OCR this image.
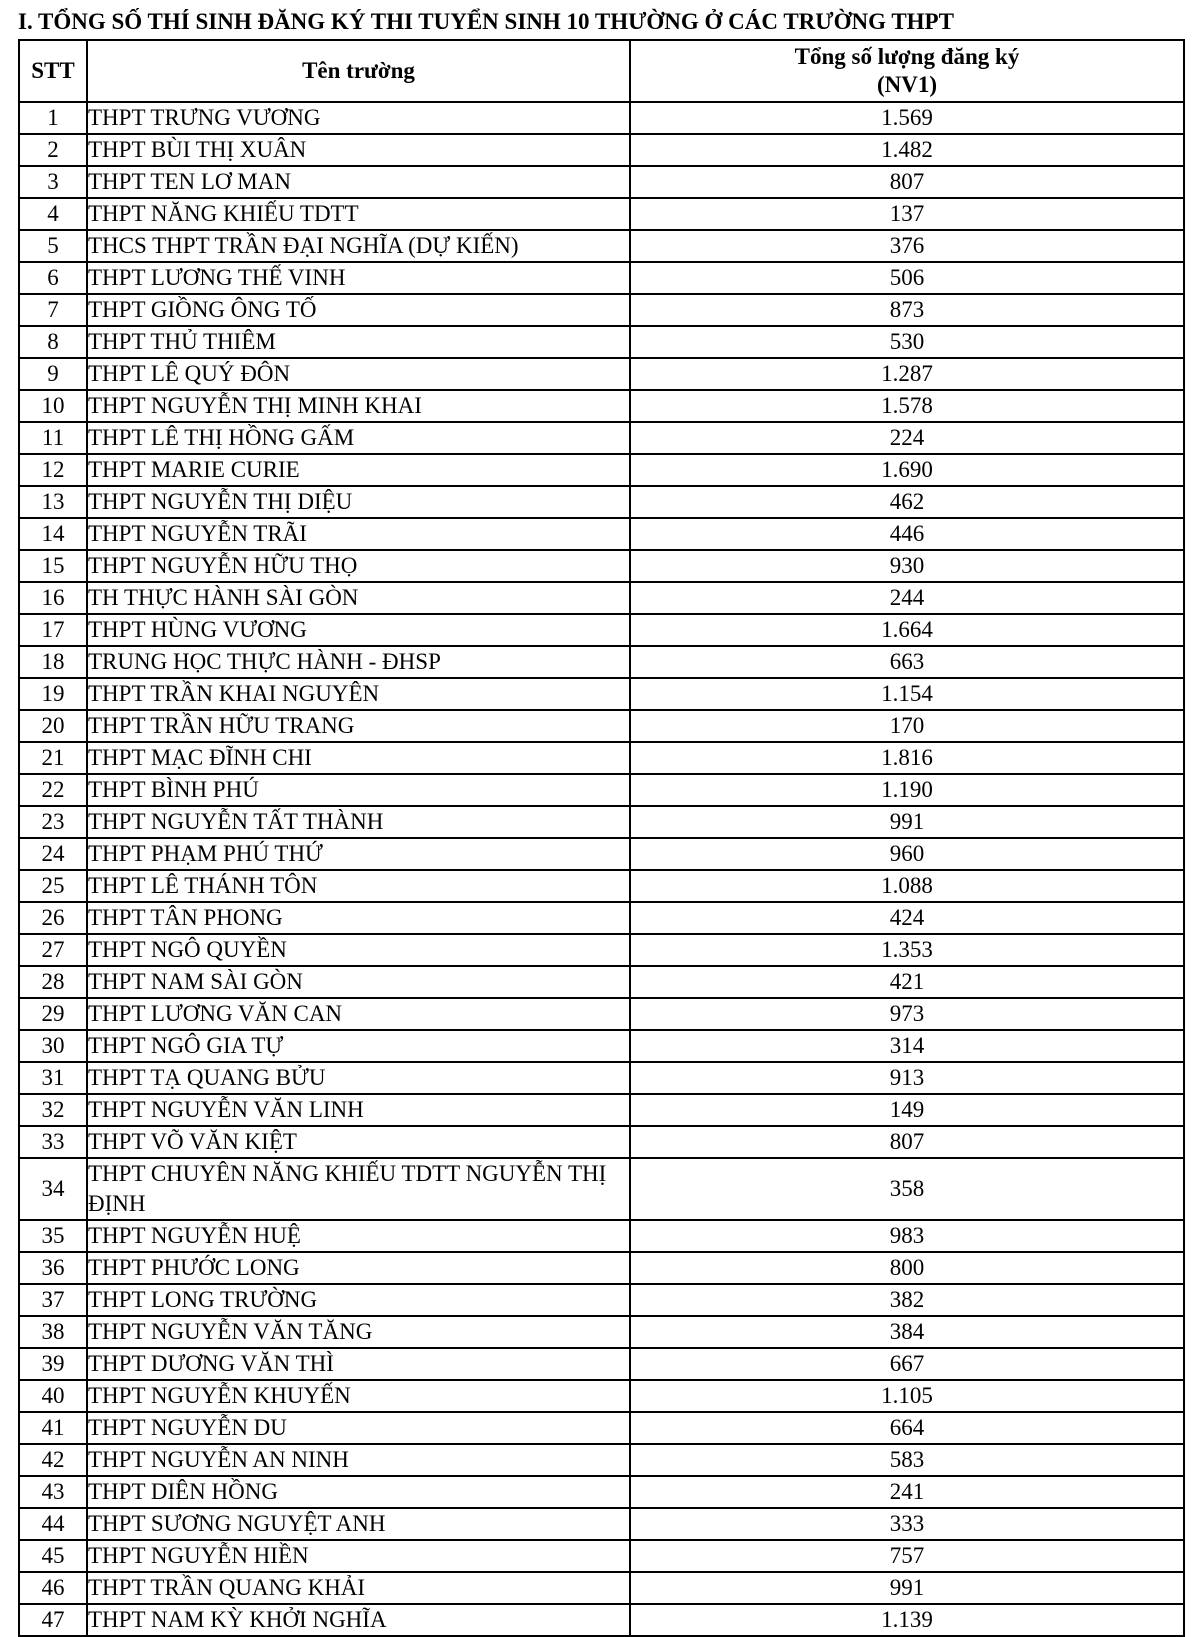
I. TỔNG SỐ THÍ SINH ĐĂNG KÝ THI TUYỂN SINH 10 THƯỜNG Ở CÁC TRƯỜNG THPT
STT	Tên trường	Tổng số lượng đăng ký
(NV1)

1	THPT TRƯNG VƯƠNG	1.569
2	THPT BÙI THỊ XUÂN	1.482
3	THPT TEN LƠ MAN	807
4	THPT NĂNG KHIẾU TDTT	137
5	THCS THPT TRẦN ĐẠI NGHĨA (DỰ KIẾN)	376
6	THPT LƯƠNG THẾ VINH	506
7	THPT GIỒNG ÔNG TỐ	873
8	THPT THỦ THIÊM	530
9	THPT LÊ QUÝ ĐÔN	1.287
10	THPT NGUYỄN THỊ MINH KHAI	1.578
11	THPT LÊ THỊ HỒNG GẤM	224
12	THPT MARIE CURIE	1.690
13	THPT NGUYỄN THỊ DIỆU	462
14	THPT NGUYỄN TRÃI	446
15	THPT NGUYỄN HỮU THỌ	930
16	TH THỰC HÀNH SÀI GÒN	244
17	THPT HÙNG VƯƠNG	1.664
18	TRUNG HỌC THỰC HÀNH - ĐHSP	663
19	THPT TRẦN KHAI NGUYÊN	1.154
20	THPT TRẦN HỮU TRANG	170
21	THPT MẠC ĐĨNH CHI	1.816
22	THPT BÌNH PHÚ	1.190
23	THPT NGUYỄN TẤT THÀNH	991
24	THPT PHẠM PHÚ THỨ	960
25	THPT LÊ THÁNH TÔN	1.088
26	THPT TÂN PHONG	424
27	THPT NGÔ QUYỀN	1.353
28	THPT NAM SÀI GÒN	421
29	THPT LƯƠNG VĂN CAN	973
30	THPT NGÔ GIA TỰ	314
31	THPT TẠ QUANG BỬU	913
32	THPT NGUYỄN VĂN LINH	149
33	THPT VÕ VĂN KIỆT	807
34	THPT CHUYÊN NĂNG KHIẾU TDTT NGUYỄN THỊ ĐỊNH	358
35	THPT NGUYỄN HUỆ	983
36	THPT PHƯỚC LONG	800
37	THPT LONG TRƯỜNG	382
38	THPT NGUYỄN VĂN TĂNG	384
39	THPT DƯƠNG VĂN THÌ	667
40	THPT NGUYỄN KHUYẾN	1.105
41	THPT NGUYỄN DU	664
42	THPT NGUYỄN AN NINH	583
43	THPT DIÊN HỒNG	241
44	THPT SƯƠNG NGUYỆT ANH	333
45	THPT NGUYỄN HIỀN	757
46	THPT TRẦN QUANG KHẢI	991
47	THPT NAM KỲ KHỞI NGHĨA	1.139
